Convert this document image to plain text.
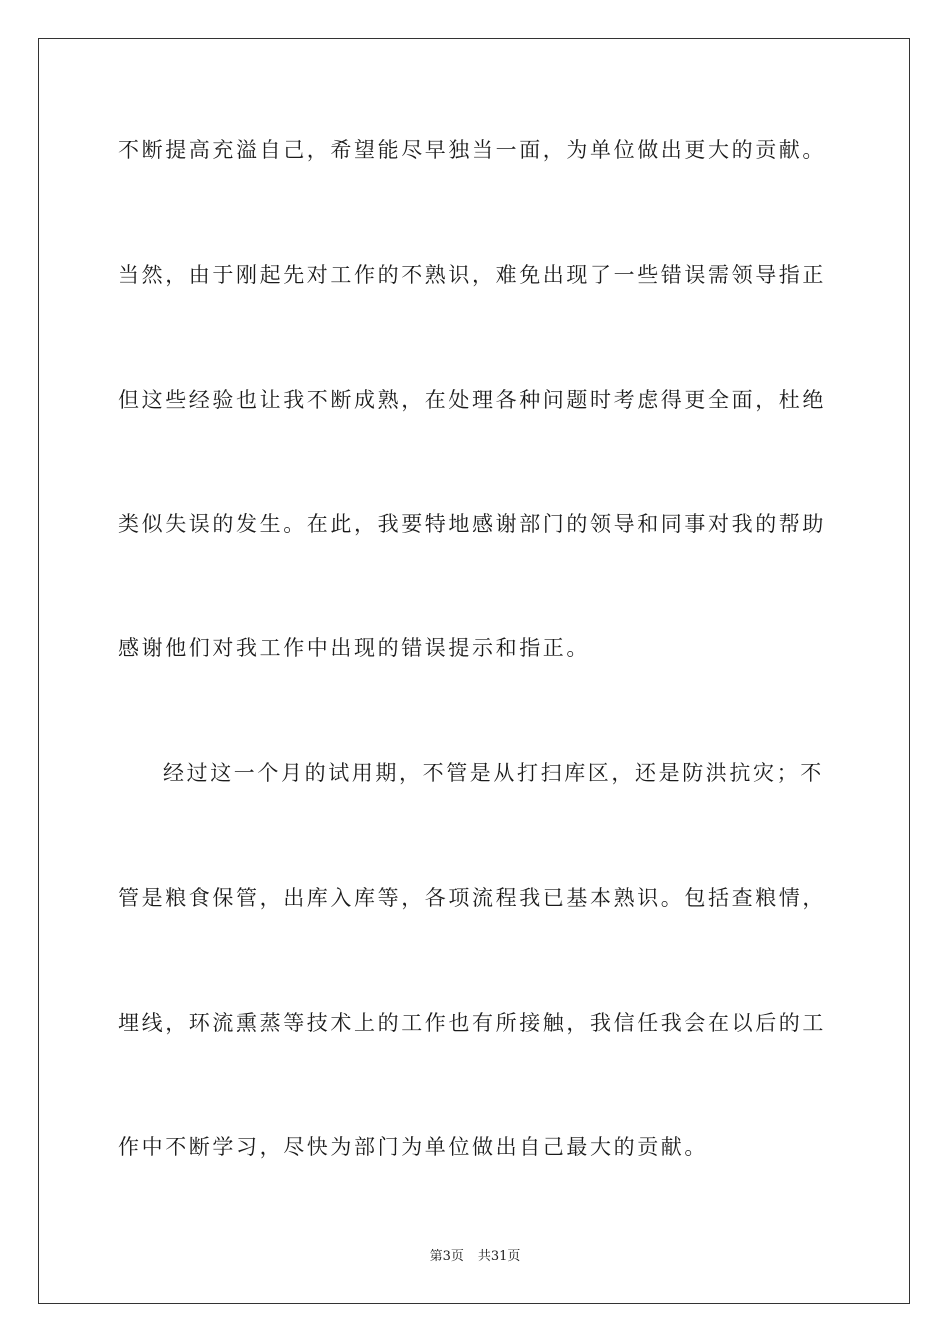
不断提高充溢自己，希望能尽早独当一面，为单位做出更大的贡献。
当然，由于刚起先对工作的不熟识，难免出现了一些错误需领导指正
但这些经验也让我不断成熟，在处理各种问题时考虑得更全面，杜绝
类似失误的发生。在此，我要特地感谢部门的领导和同事对我的帮助
感谢他们对我工作中出现的错误提示和指正。
经过这一个月的试用期，不管是从打扫库区，还是防洪抗灾；不
管是粮食保管，出库入库等，各项流程我已基本熟识。包括查粮情，
埋线，环流熏蒸等技术上的工作也有所接触，我信任我会在以后的工
作中不断学习，尽快为部门为单位做出自己最大的贡献。
第3页 共31页
